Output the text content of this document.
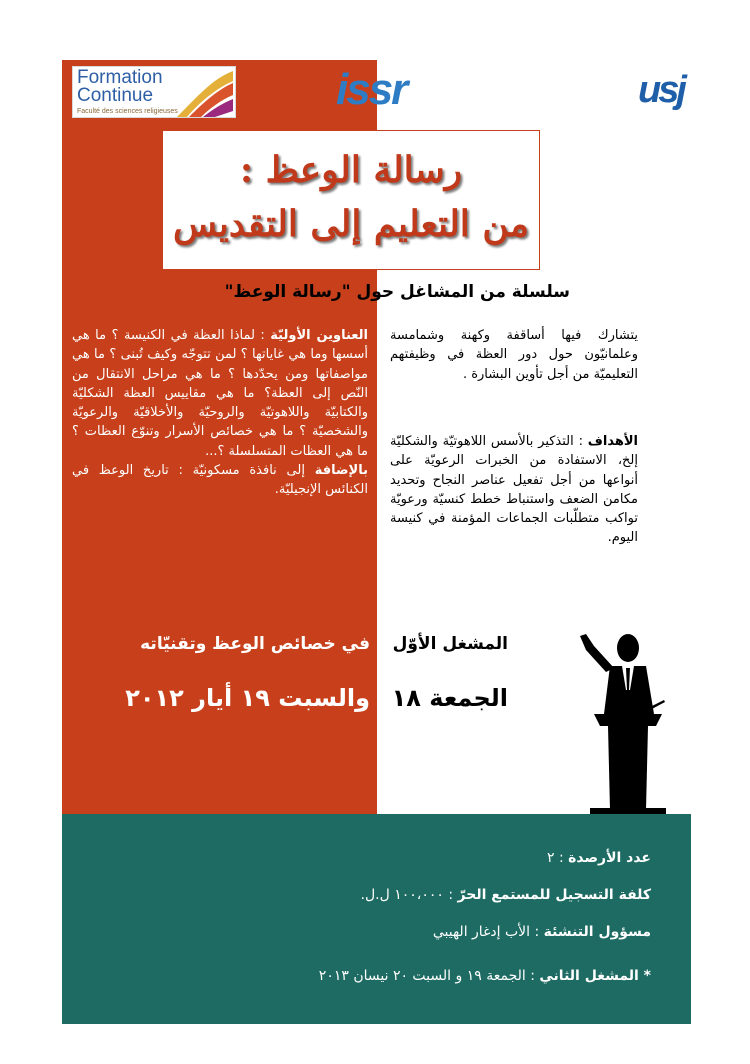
Formation
Continue
Faculté des sciences religieuses	issr	usj
رسالة الوعظ :
من التعليم إلى التقديس
سلسلة من المشاغل حول "رسالة الوعظ"
العناوين الأوليّة : لماذا العظة في الكنيسة ؟ ما هي أسسها وما هي غاياتها ؟ لمن تتوجّه وكيف تُبنى ؟ ما هي مواصفاتها ومن يحدّدها ؟ ما هي مراحل الانتقال من النّص إلى العظة؟ ما هي مقاييس العظة الشكليّة والكتابيّة واللاهوتيّة والروحيّة والأخلاقيّة والرعويّة والشخصيّة ؟ ما هي خصائص الأسرار وتنوّع العظات ؟ ما هي العظات المتسلسلة ؟...
بالإضافة إلى نافذة مسكونيّة : تاريخ الوعظ في الكنائس الإنجيليّة.
يتشارك فيها أساقفة وكهنة وشمامسة وعلمانيّون حول دور العظة في وظيفتهم التعليميّة من أجل تأوين البشارة .
الأهداف : التذكير بالأسس اللاهوتيّة والشكليّة إلخ، الاستفادة من الخبرات الرعويّة على أنواعها من أجل تفعيل عناصر النجاح وتحديد مكامن الضعف واستنباط خطط كنسيّة ورعويّة تواكب متطلّبات الجماعات المؤمنة في كنيسة اليوم.
المشغل الأوّل
في خصائص الوعظ وتقنيّاته
الجمعة ١٨
والسبت ١٩ أيار ٢٠١٢
عدد الأرصدة : ٢
كلفة التسجيل للمستمع الحرّ : ١٠٠،٠٠٠ ل.ل.
مسؤول التنشئة : الأب إدغار الهيبي
* المشغل الثاني : الجمعة ١٩ و السبت ٢٠ نيسان ٢٠١٣
